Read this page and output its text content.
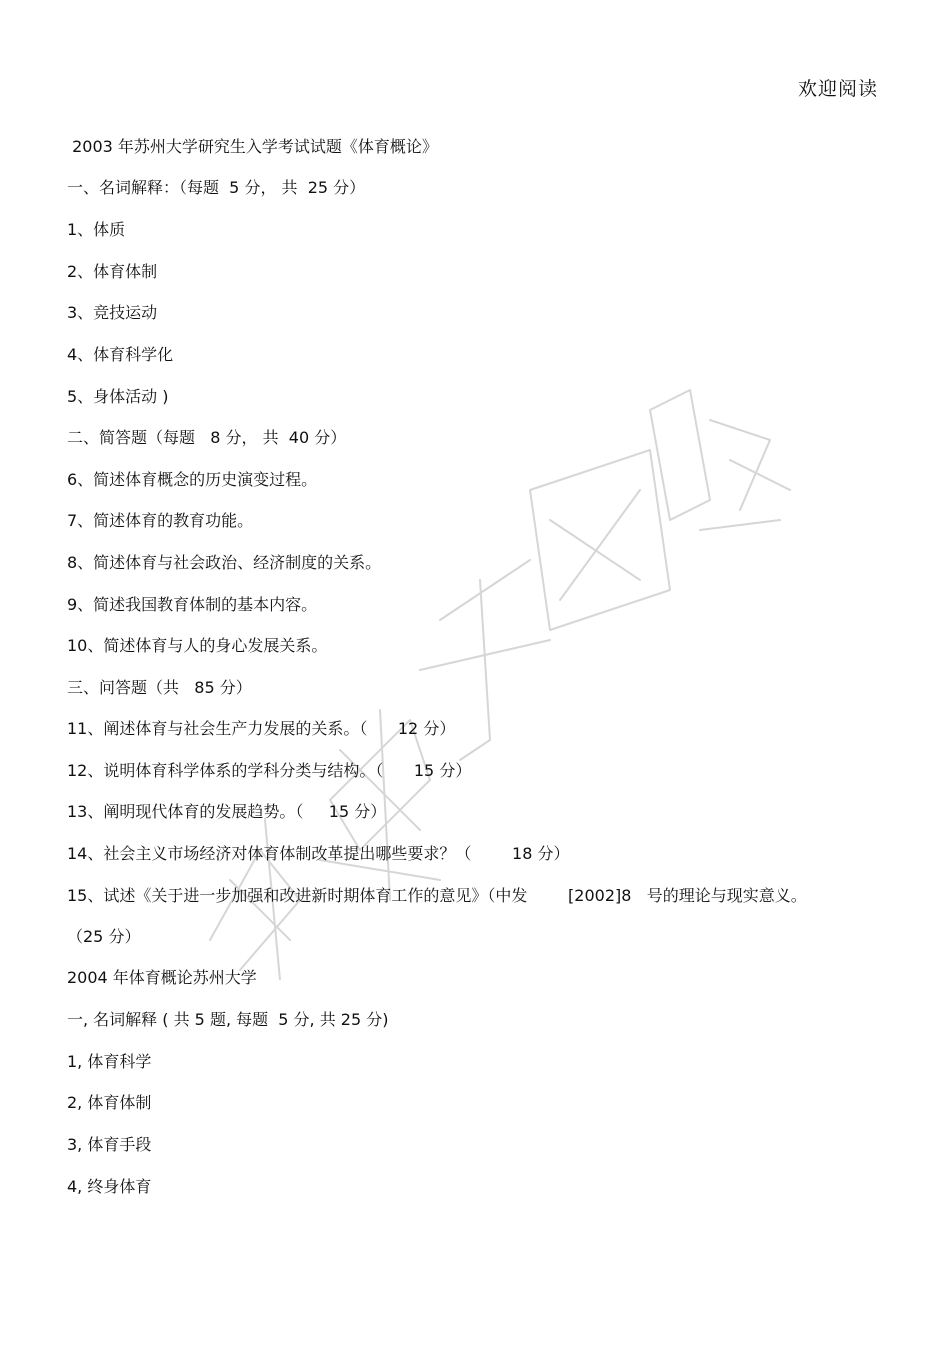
欢迎阅读
2003 年苏州大学研究生入学考试试题《体育概论》
一、名词解释：（每题  5 分， 共  25 分）
1、体质
2、体育体制
3、竞技运动
4、体育科学化
5、身体活动 )
二、简答题（每题   8 分， 共  40 分）
6、简述体育概念的历史演变过程。
7、简述体育的教育功能。
8、简述体育与社会政治、经济制度的关系。
9、简述我国教育体制的基本内容。
10、简述体育与人的身心发展关系。
三、问答题（共   85 分）
11、阐述体育与社会生产力发展的关系。（      12 分）
12、说明体育科学体系的学科分类与结构。（      15 分）
13、阐明现代体育的发展趋势。（     15 分）
14、社会主义市场经济对体育体制改革提出哪些要求？（        18 分）
15、试述《关于进一步加强和改进新时期体育工作的意见》（中发        [2002]8   号的理论与现实意义。
（25 分）
2004 年体育概论苏州大学
一, 名词解释 ( 共 5 题, 每题  5 分, 共 25 分)
1, 体育科学
2, 体育体制
3, 体育手段
4, 终身体育
